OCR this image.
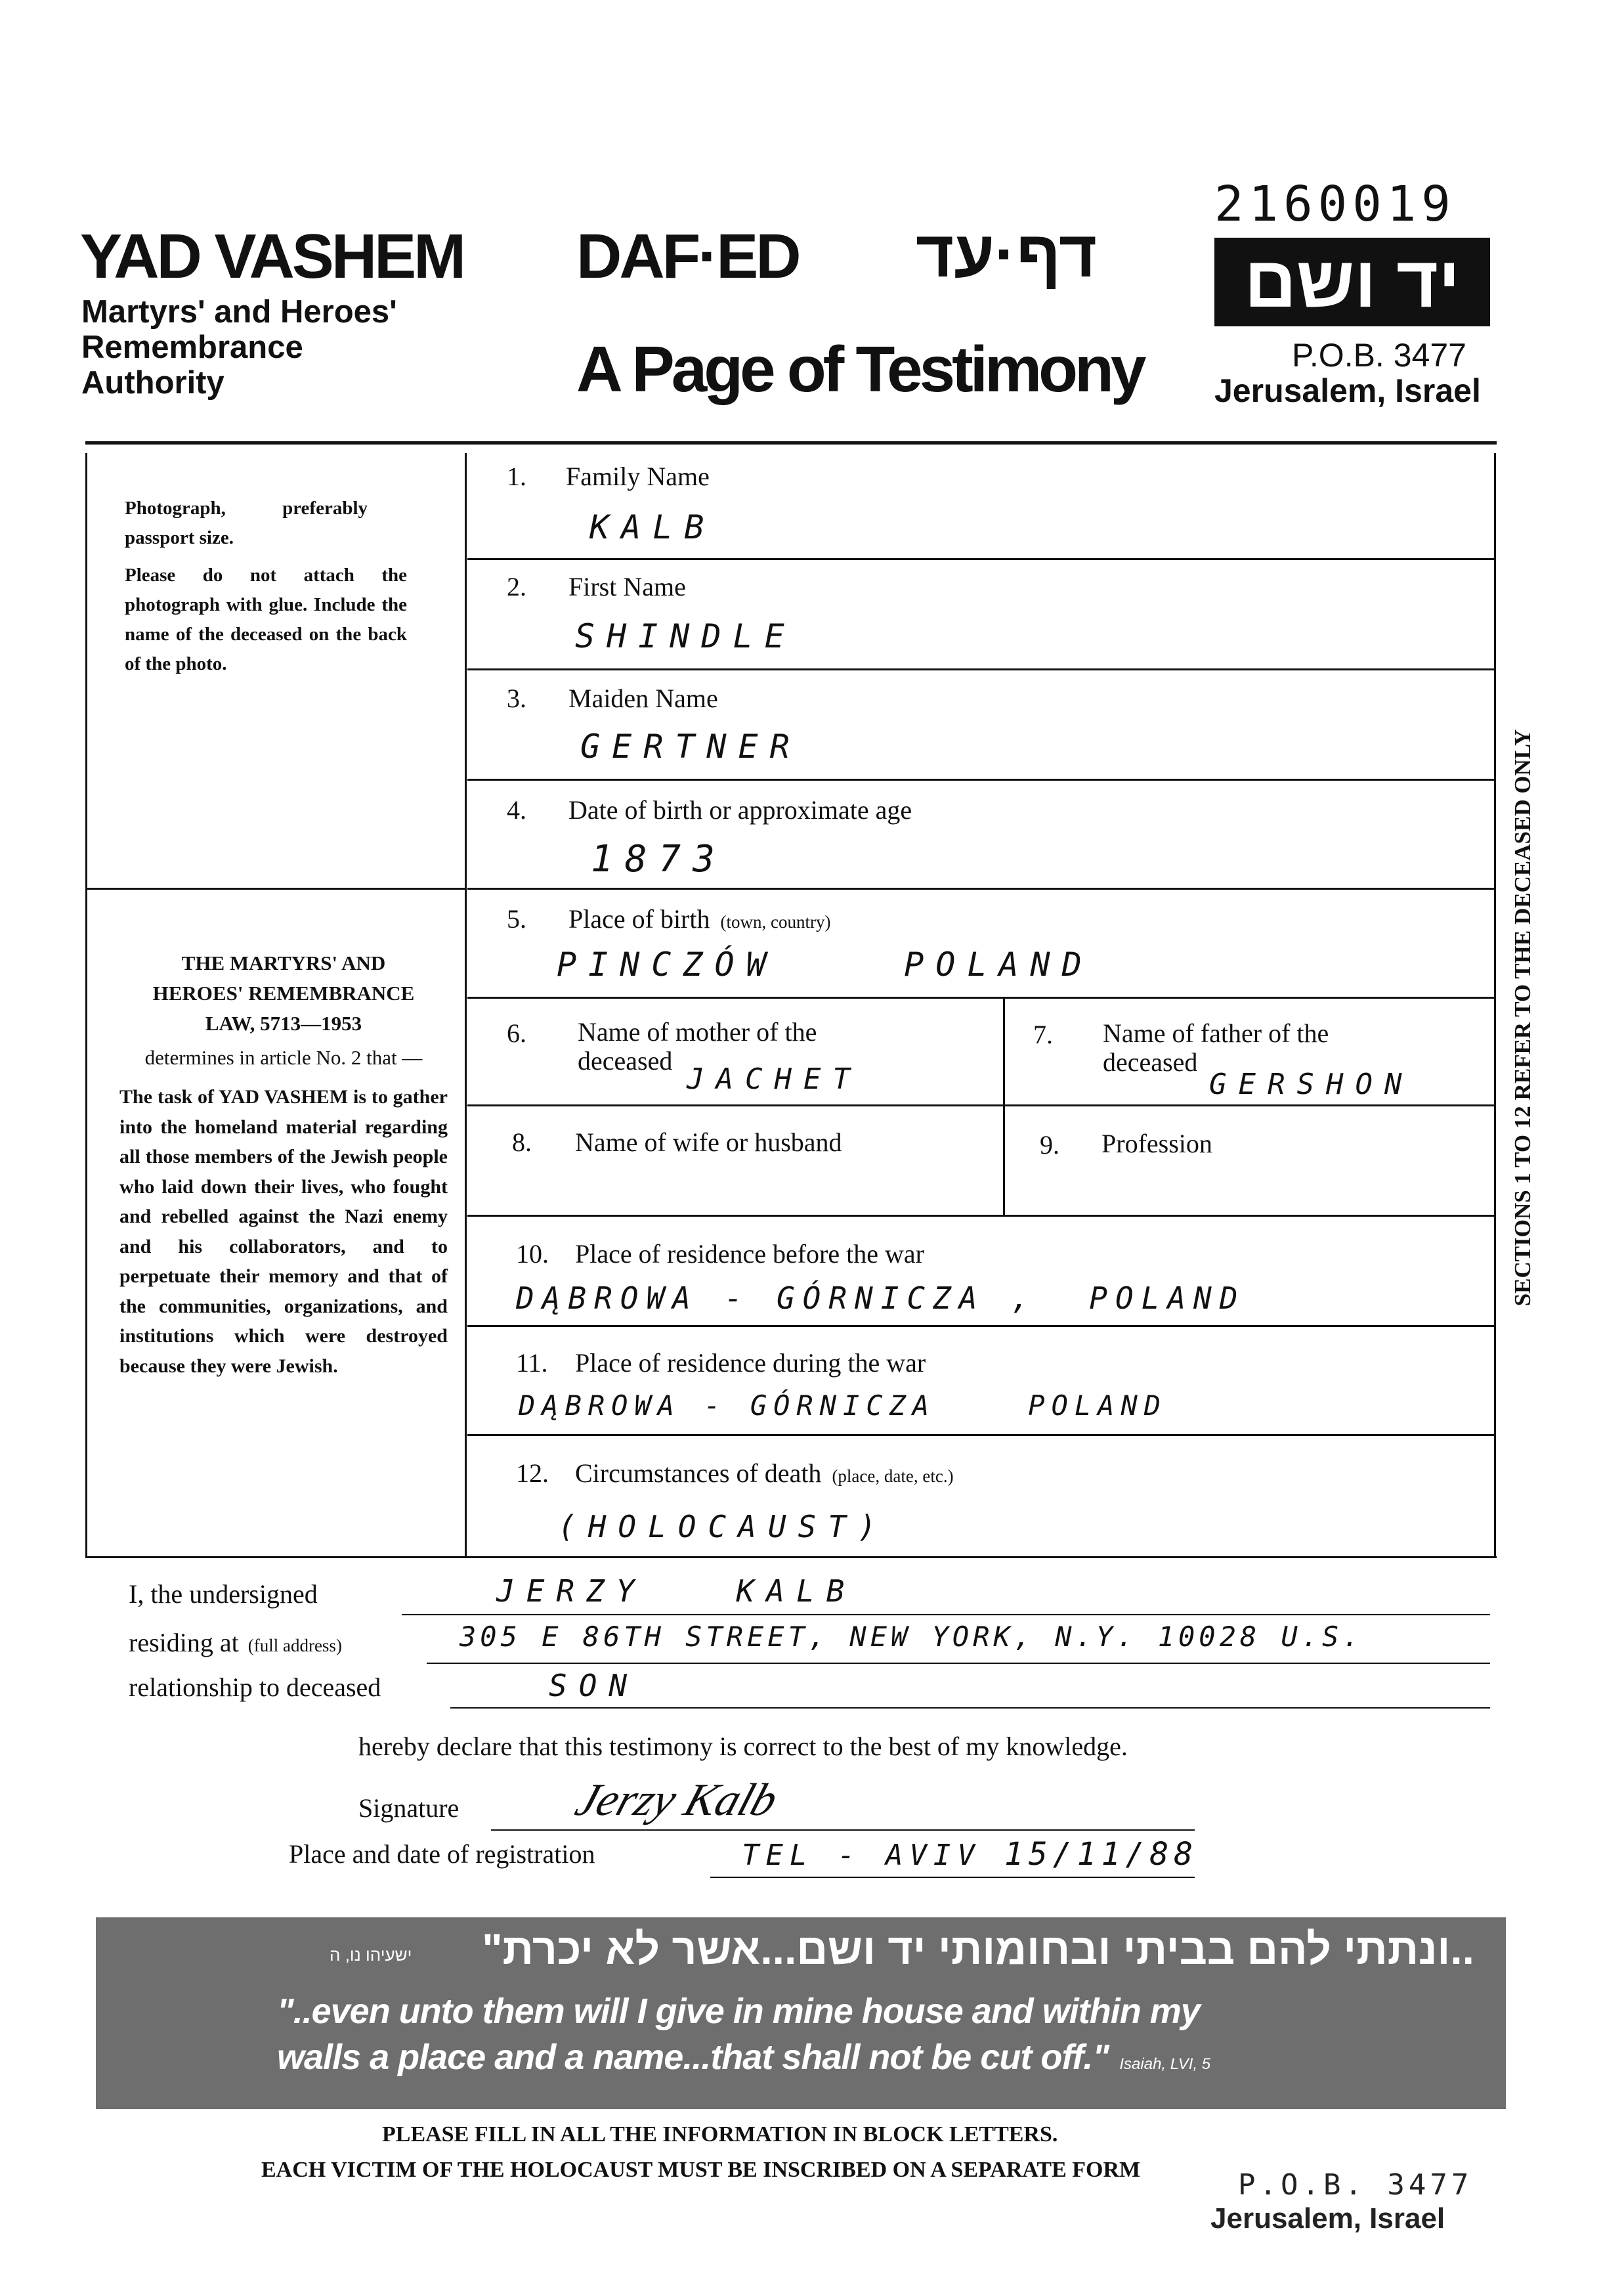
2160019
YAD VASHEM
Martyrs' and Heroes'
Remembrance
Authority
DAF·ED דף·עד
A Page of Testimony
יד ושם
P.O.B. 3477
Jerusalem, Israel
Photograph, preferably passport size.
Please do not attach the photograph with glue. Include the name of the deceased on the back of the photo.
THE MARTYRS' AND HEROES' REMEMBRANCE LAW, 5713—1953
determines in article No. 2 that —
The task of YAD VASHEM is to gather into the homeland material regarding all those members of the Jewish people who laid down their lives, who fought and rebelled against the Nazi enemy and his collaborators, and to perpetuate their memory and that of the communities, organizations, and institutions which were destroyed because they were Jewish.
1. Family Name
KALB
2. First Name
SHINDLE
3. Maiden Name
GERTNER
4. Date of birth or approximate age
1873
5. Place of birth (town, country)
PINCZÓW    POLAND
6. Name of mother of the
deceased
JACHET
7. Name of father of the
deceased
GERSHON
8. Name of wife or husband	9. Profession
10. Place of residence before the war
DĄBROWA - GÓRNICZA ,  POLAND
11. Place of residence during the war
DĄBROWA - GÓRNICZA    POLAND
12. Circumstances of death (place, date, etc.)
(HOLOCAUST)
SECTIONS 1 TO 12 REFER TO THE DECEASED ONLY
I, the undersigned	JERZY   KALB
residing at (full address)	305 E 86TH STREET, NEW YORK, N.Y. 10028 U.S.
relationship to deceased	SON
hereby declare that this testimony is correct to the best of my knowledge.
Signature Jerzy Kalb
Place and date of registration	TEL - AVIV 15/11/88
ישעיהו נו, ה	..ונתתי להם בביתי ובחומותי יד ושם...אשר לא יכרת"
"..even unto them will I give in mine house and within my
walls a place and a name...that shall not be cut off." Isaiah, LVI, 5
PLEASE FILL IN ALL THE INFORMATION IN BLOCK LETTERS.
EACH VICTIM OF THE HOLOCAUST MUST BE INSCRIBED ON A SEPARATE FORM	P.O.B. 3477
Jerusalem, Israel
